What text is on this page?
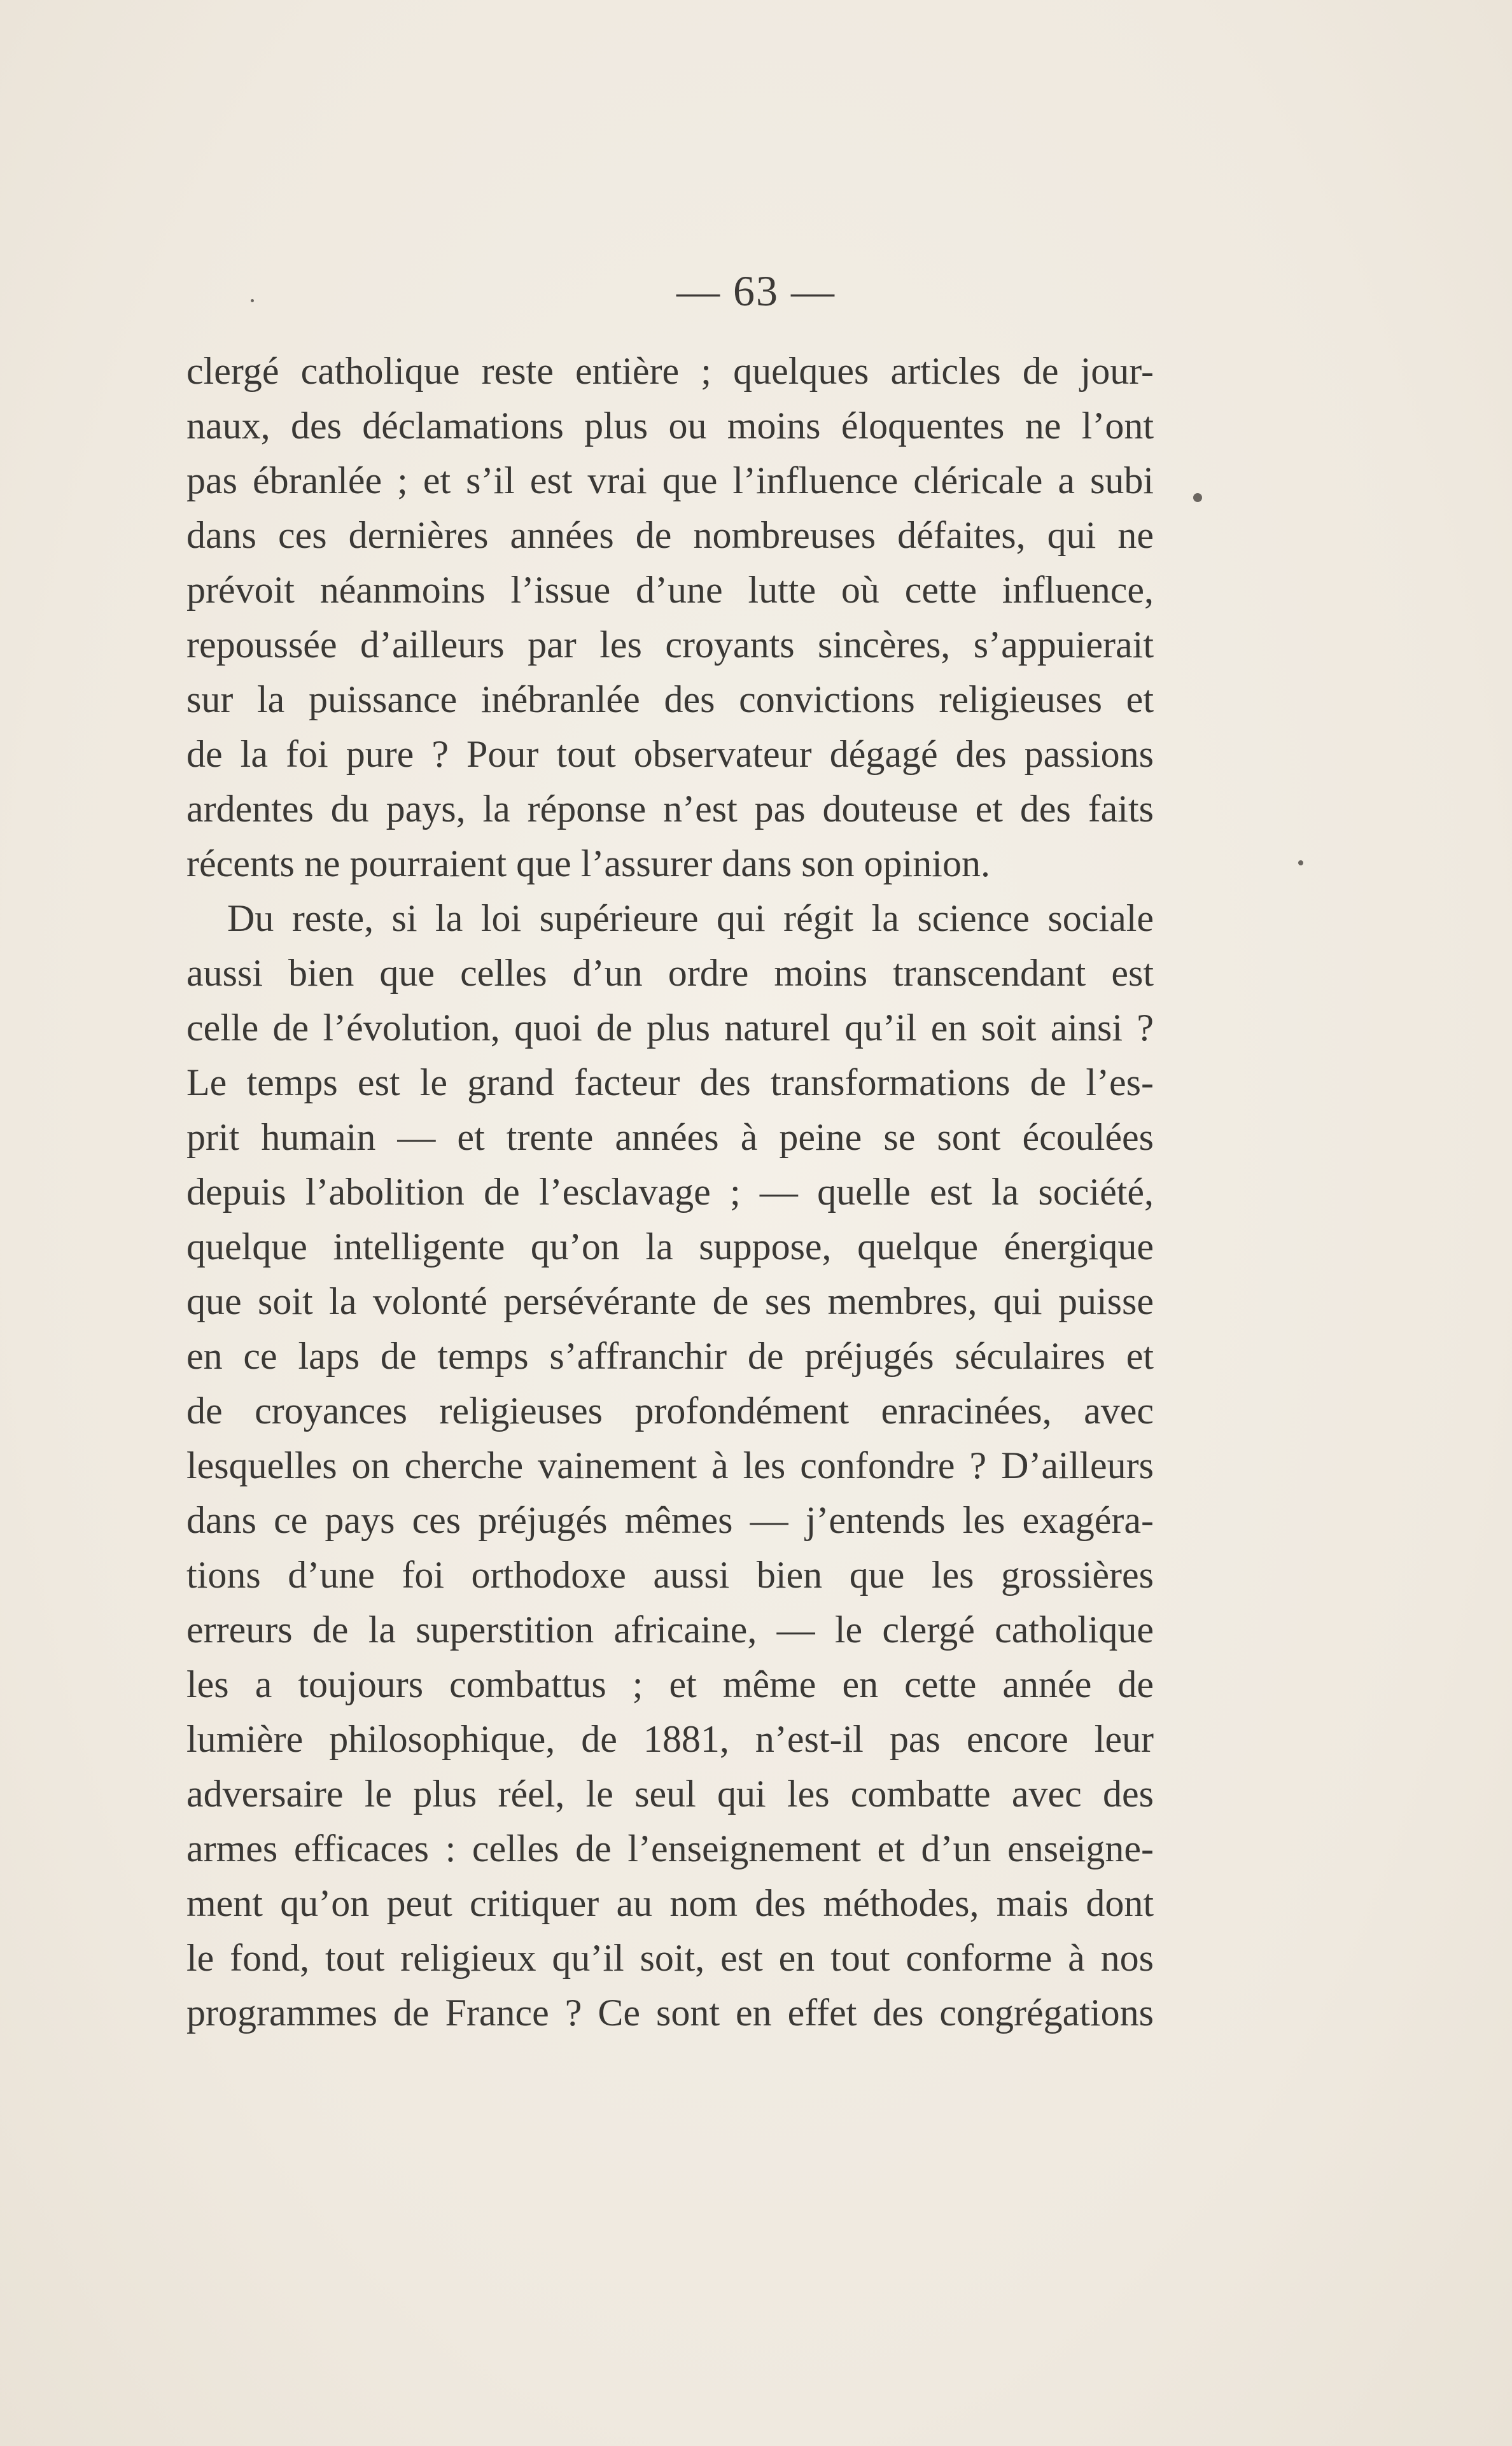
— 63 —
clergé catholique reste entière ; quelques articles de jour-
naux, des déclamations plus ou moins éloquentes ne l’ont
pas ébranlée ; et s’il est vrai que l’influence cléricale a subi
dans ces dernières années de nombreuses défaites, qui ne
prévoit néanmoins l’issue d’une lutte où cette influence,
repoussée d’ailleurs par les croyants sincères, s’appuierait
sur la puissance inébranlée des convictions religieuses et
de la foi pure ? Pour tout observateur dégagé des passions
ardentes du pays, la réponse n’est pas douteuse et des faits
récents ne pourraient que l’assurer dans son opinion.
Du reste, si la loi supérieure qui régit la science sociale
aussi bien que celles d’un ordre moins transcendant est
celle de l’évolution, quoi de plus naturel qu’il en soit ainsi ?
Le temps est le grand facteur des transformations de l’es-
prit humain — et trente années à peine se sont écoulées
depuis l’abolition de l’esclavage ; — quelle est la société,
quelque intelligente qu’on la suppose, quelque énergique
que soit la volonté persévérante de ses membres, qui puisse
en ce laps de temps s’affranchir de préjugés séculaires et
de croyances religieuses profondément enracinées, avec
lesquelles on cherche vainement à les confondre ? D’ailleurs
dans ce pays ces préjugés mêmes — j’entends les exagéra-
tions d’une foi orthodoxe aussi bien que les grossières
erreurs de la superstition africaine, — le clergé catholique
les a toujours combattus ; et même en cette année de
lumière philosophique, de 1881, n’est-il pas encore leur
adversaire le plus réel, le seul qui les combatte avec des
armes efficaces : celles de l’enseignement et d’un enseigne-
ment qu’on peut critiquer au nom des méthodes, mais dont
le fond, tout religieux qu’il soit, est en tout conforme à nos
programmes de France ? Ce sont en effet des congrégations
